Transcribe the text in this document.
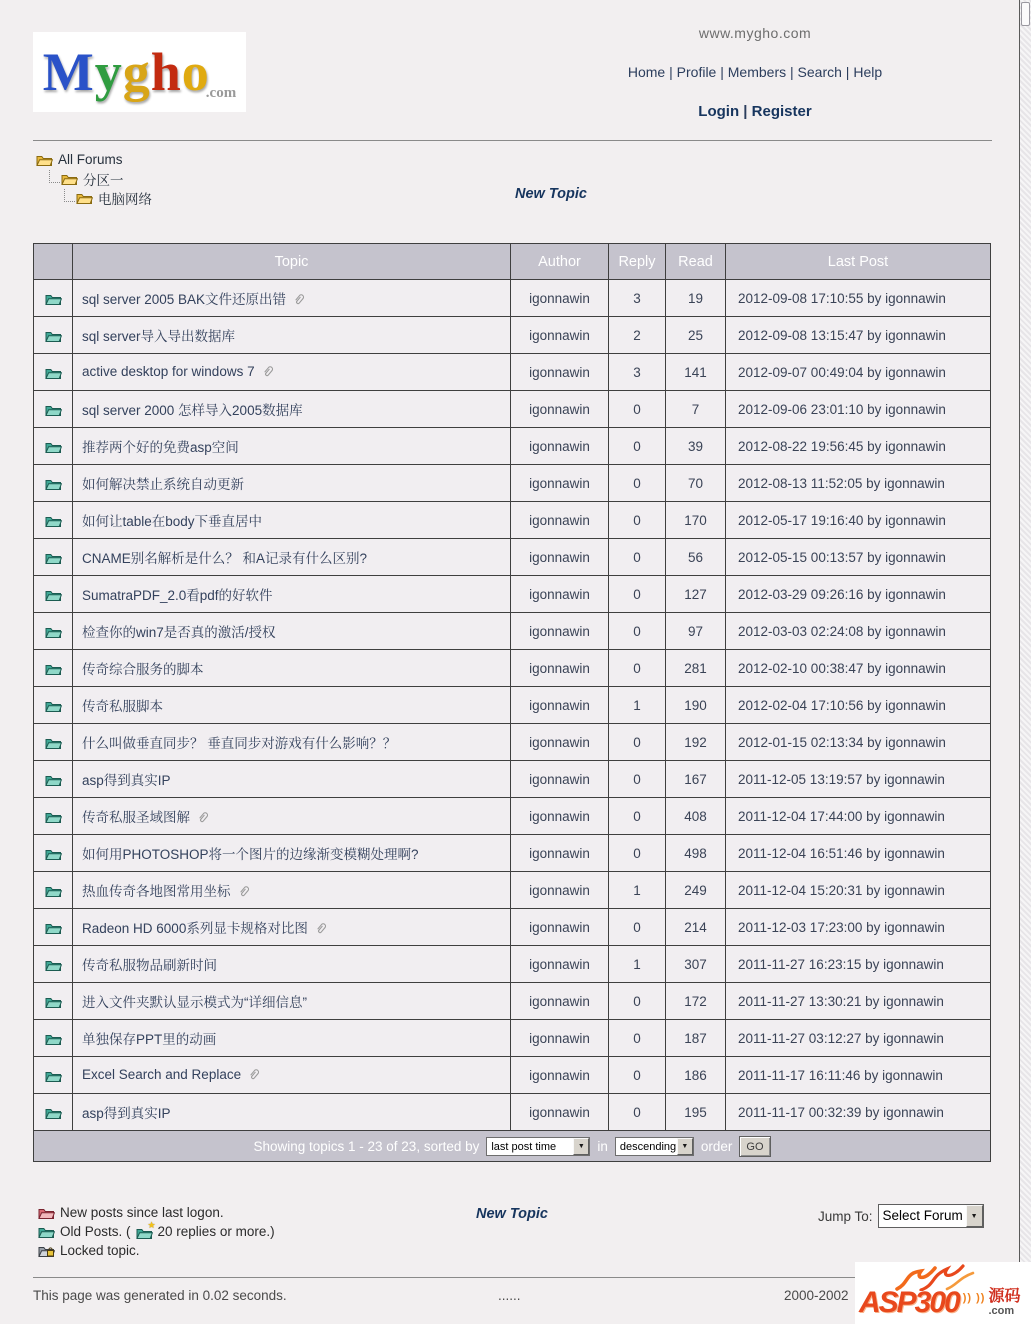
Mygho
.com
www.mygho.com
Home | Profile | Members | Search | Help
Login | Register
All Forums
分区一
电脑网络	New Topic
	Topic	Author	Reply	Read	Last Post
	sql server 2005 BAK文件还原出错	igonnawin	3	19	2012-09-08 17:10:55 by igonnawin
	sql server导入导出数据库	igonnawin	2	25	2012-09-08 13:15:47 by igonnawin
	active desktop for windows 7	igonnawin	3	141	2012-09-07 00:49:04 by igonnawin
	sql server 2000 怎样导入2005数据库	igonnawin	0	7	2012-09-06 23:01:10 by igonnawin
	推荐两个好的免费asp空间	igonnawin	0	39	2012-08-22 19:56:45 by igonnawin
	如何解决禁止系统自动更新	igonnawin	0	70	2012-08-13 11:52:05 by igonnawin
	如何让table在body下垂直居中	igonnawin	0	170	2012-05-17 19:16:40 by igonnawin
	CNAME别名解析是什么？ 和A记录有什么区别?	igonnawin	0	56	2012-05-15 00:13:57 by igonnawin
	SumatraPDF_2.0看pdf的好软件	igonnawin	0	127	2012-03-29 09:26:16 by igonnawin
	检查你的win7是否真的激活/授权	igonnawin	0	97	2012-03-03 02:24:08 by igonnawin
	传奇综合服务的脚本	igonnawin	0	281	2012-02-10 00:38:47 by igonnawin
	传奇私服脚本	igonnawin	1	190	2012-02-04 17:10:56 by igonnawin
	什么叫做垂直同步？ 垂直同步对游戏有什么影响？？	igonnawin	0	192	2012-01-15 02:13:34 by igonnawin
	asp得到真实IP	igonnawin	0	167	2011-12-05 13:19:57 by igonnawin
	传奇私服圣域图解	igonnawin	0	408	2011-12-04 17:44:00 by igonnawin
	如何用PHOTOSHOP将一个图片的边缘渐变模糊处理啊?	igonnawin	0	498	2011-12-04 16:51:46 by igonnawin
	热血传奇各地图常用坐标	igonnawin	1	249	2011-12-04 15:20:31 by igonnawin
	Radeon HD 6000系列显卡规格对比图	igonnawin	0	214	2011-12-03 17:23:00 by igonnawin
	传奇私服物品刷新时间	igonnawin	1	307	2011-11-27 16:23:15 by igonnawin
	进入文件夹默认显示模式为“详细信息”	igonnawin	0	172	2011-11-27 13:30:21 by igonnawin
	单独保存PPT里的动画	igonnawin	0	187	2011-11-27 03:12:27 by igonnawin
	Excel Search and Replace	igonnawin	0	186	2011-11-17 16:11:46 by igonnawin
	asp得到真实IP	igonnawin	0	195	2011-11-17 00:32:39 by igonnawin

Showing topics 1 - 23 of 23, sorted by	last post time	▼ in	descending ▼ order	GO
New posts since last logon.
Old Posts. ( ★ 20 replies or more.)
Locked topic.
New Topic	Jump To: Select Forum	▼
This page was generated in 0.02 seconds.	......	2000-2002 ASP300 )) )) 源码
.com
